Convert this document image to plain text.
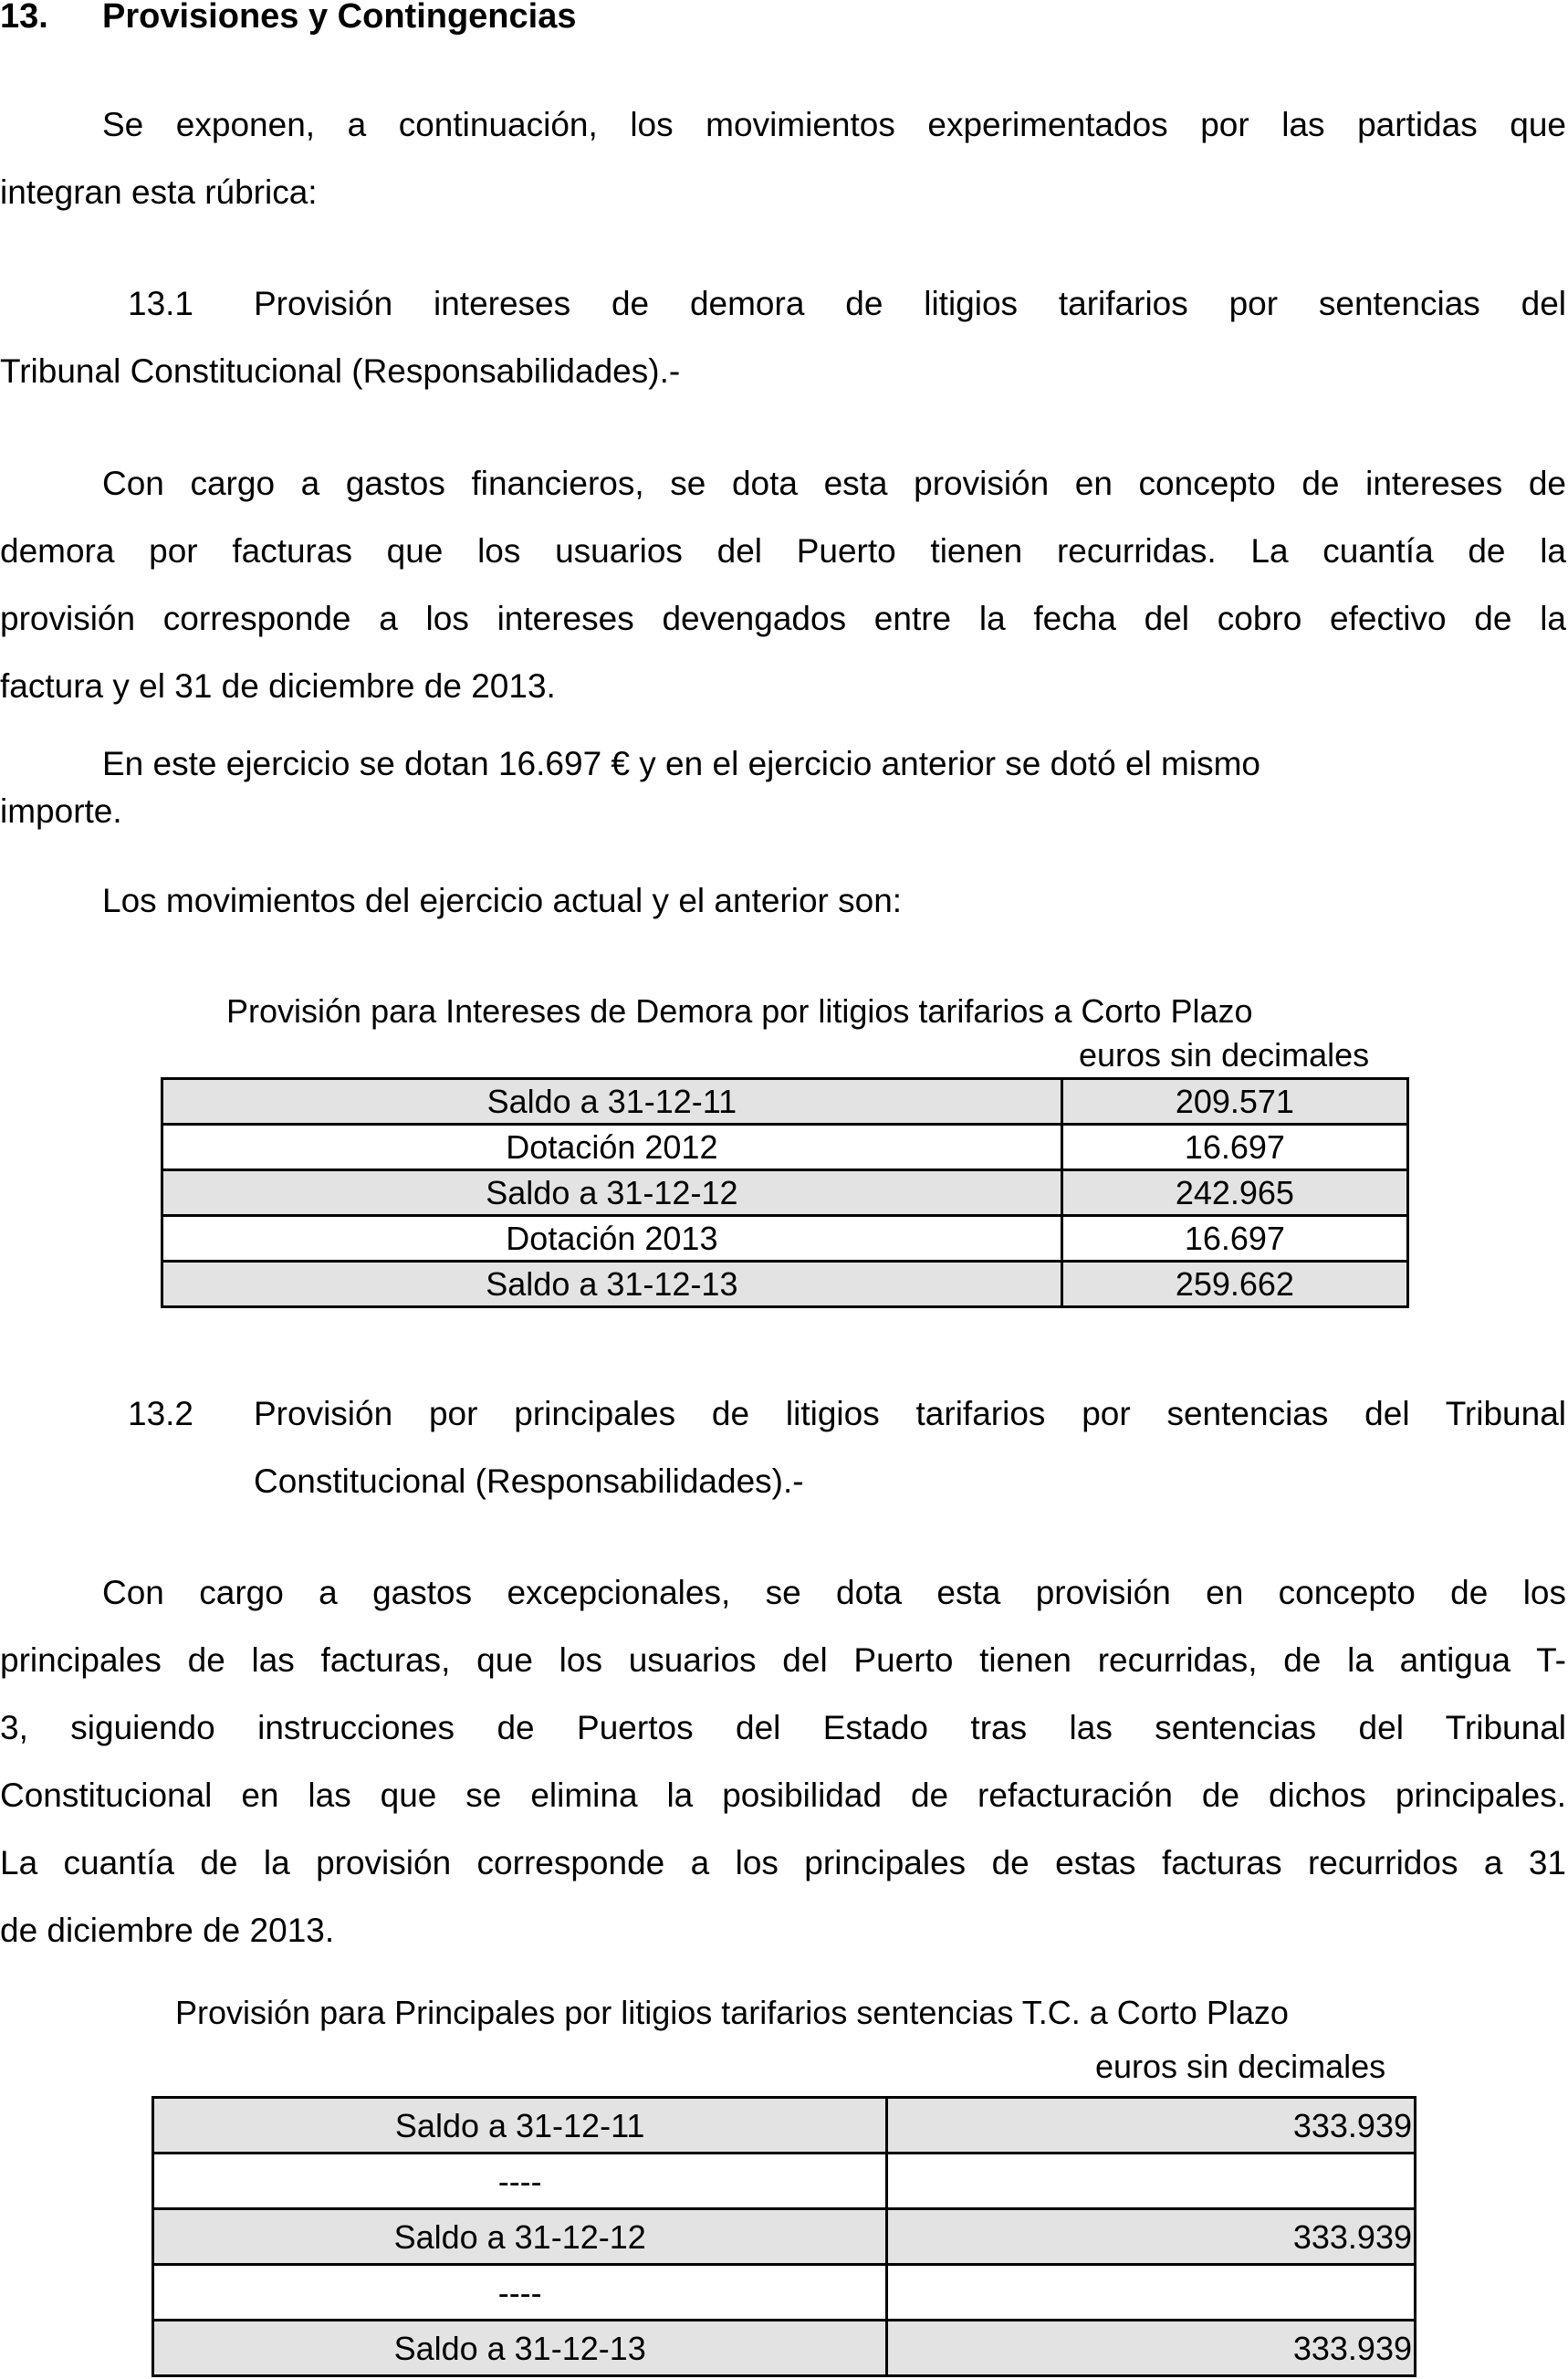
13. Provisiones y Contingencias
Se exponen, a continuación, los movimientos experimentados por las partidas que
integran esta rúbrica:
13.1 Provisión intereses de demora de litigios tarifarios por sentencias del
Tribunal Constitucional (Responsabilidades).-
Con cargo a gastos financieros, se dota esta provisión en concepto de intereses de
demora por facturas que los usuarios del Puerto tienen recurridas. La cuantía de la
provisión corresponde a los intereses devengados entre la fecha del cobro efectivo de la
factura y el 31 de diciembre de 2013.
En este ejercicio se dotan 16.697 € y en el ejercicio anterior se dotó el mismo
importe.
Los movimientos del ejercicio actual y el anterior son:
Provisión para Intereses de Demora por litigios tarifarios a Corto Plazo
euros sin decimales
Saldo a 31-12-11	209.571
Dotación 2012	16.697
Saldo a 31-12-12	242.965
Dotación 2013	16.697
Saldo a 31-12-13	259.662
13.2 Provisión por principales de litigios tarifarios por sentencias del Tribunal
Constitucional (Responsabilidades).-
Con cargo a gastos excepcionales, se dota esta provisión en concepto de los
principales de las facturas, que los usuarios del Puerto tienen recurridas, de la antigua T-
3, siguiendo instrucciones de Puertos del Estado tras las sentencias del Tribunal
Constitucional en las que se elimina la posibilidad de refacturación de dichos principales.
La cuantía de la provisión corresponde a los principales de estas facturas recurridos a 31
de diciembre de 2013.
Provisión para Principales por litigios tarifarios sentencias T.C. a Corto Plazo
euros sin decimales
Saldo a 31-12-11	333.939
----	
Saldo a 31-12-12	333.939
----	
Saldo a 31-12-13	333.939
